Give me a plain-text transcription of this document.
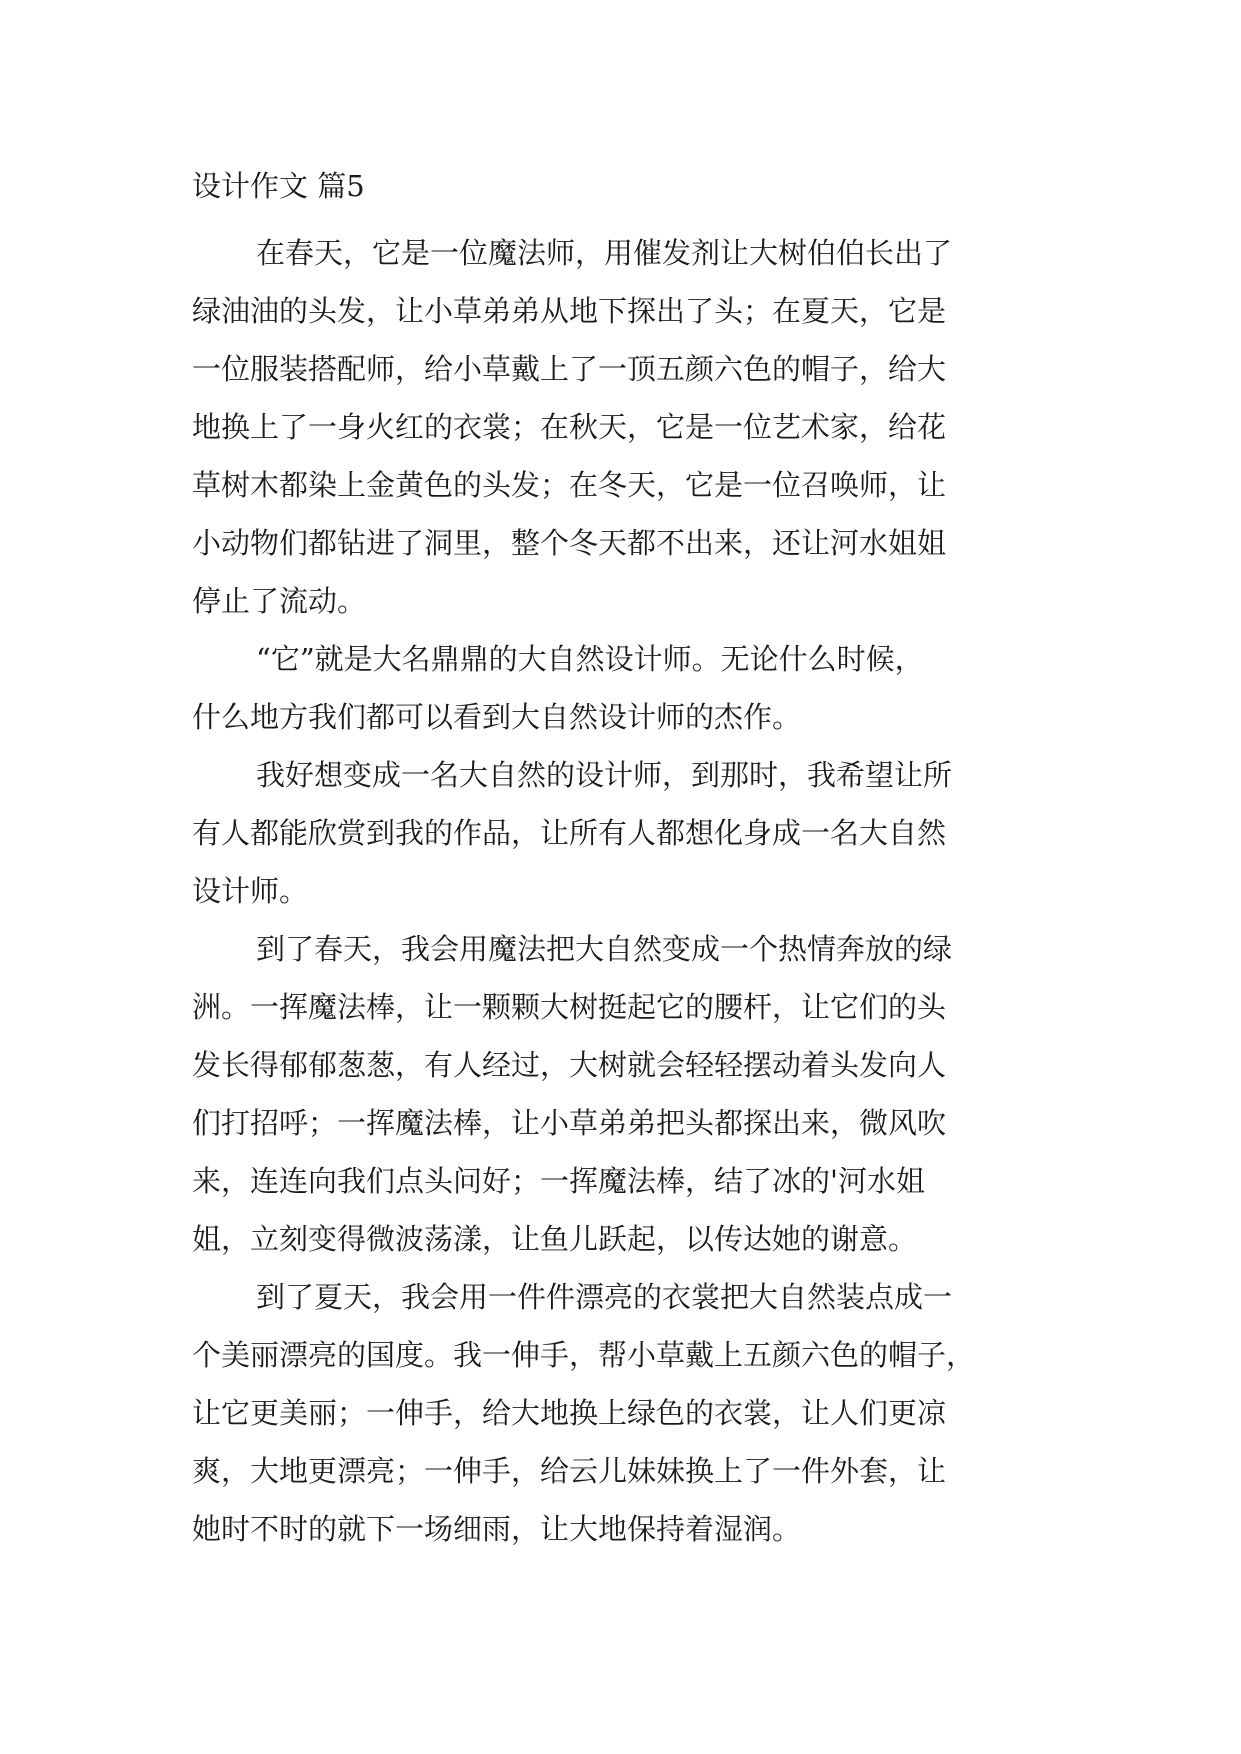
设计作文 篇5
在春天，它是一位魔法师，用催发剂让大树伯伯长出了
绿油油的头发，让小草弟弟从地下探出了头；在夏天，它是
一位服装搭配师，给小草戴上了一顶五颜六色的帽子，给大
地换上了一身火红的衣裳；在秋天，它是一位艺术家，给花
草树木都染上金黄色的头发；在冬天，它是一位召唤师，让
小动物们都钻进了洞里，整个冬天都不出来，还让河水姐姐
停止了流动。
“它”就是大名鼎鼎的大自然设计师。无论什么时候，
什么地方我们都可以看到大自然设计师的杰作。
我好想变成一名大自然的设计师，到那时，我希望让所
有人都能欣赏到我的作品，让所有人都想化身成一名大自然
设计师。
到了春天，我会用魔法把大自然变成一个热情奔放的绿
洲。一挥魔法棒，让一颗颗大树挺起它的腰杆，让它们的头
发长得郁郁葱葱，有人经过，大树就会轻轻摆动着头发向人
们打招呼；一挥魔法棒，让小草弟弟把头都探出来，微风吹
来，连连向我们点头问好；一挥魔法棒，结了冰的'河水姐
姐，立刻变得微波荡漾，让鱼儿跃起，以传达她的谢意。
到了夏天，我会用一件件漂亮的衣裳把大自然装点成一
个美丽漂亮的国度。我一伸手，帮小草戴上五颜六色的帽子，
让它更美丽；一伸手，给大地换上绿色的衣裳，让人们更凉
爽，大地更漂亮；一伸手，给云儿妹妹换上了一件外套，让
她时不时的就下一场细雨，让大地保持着湿润。
